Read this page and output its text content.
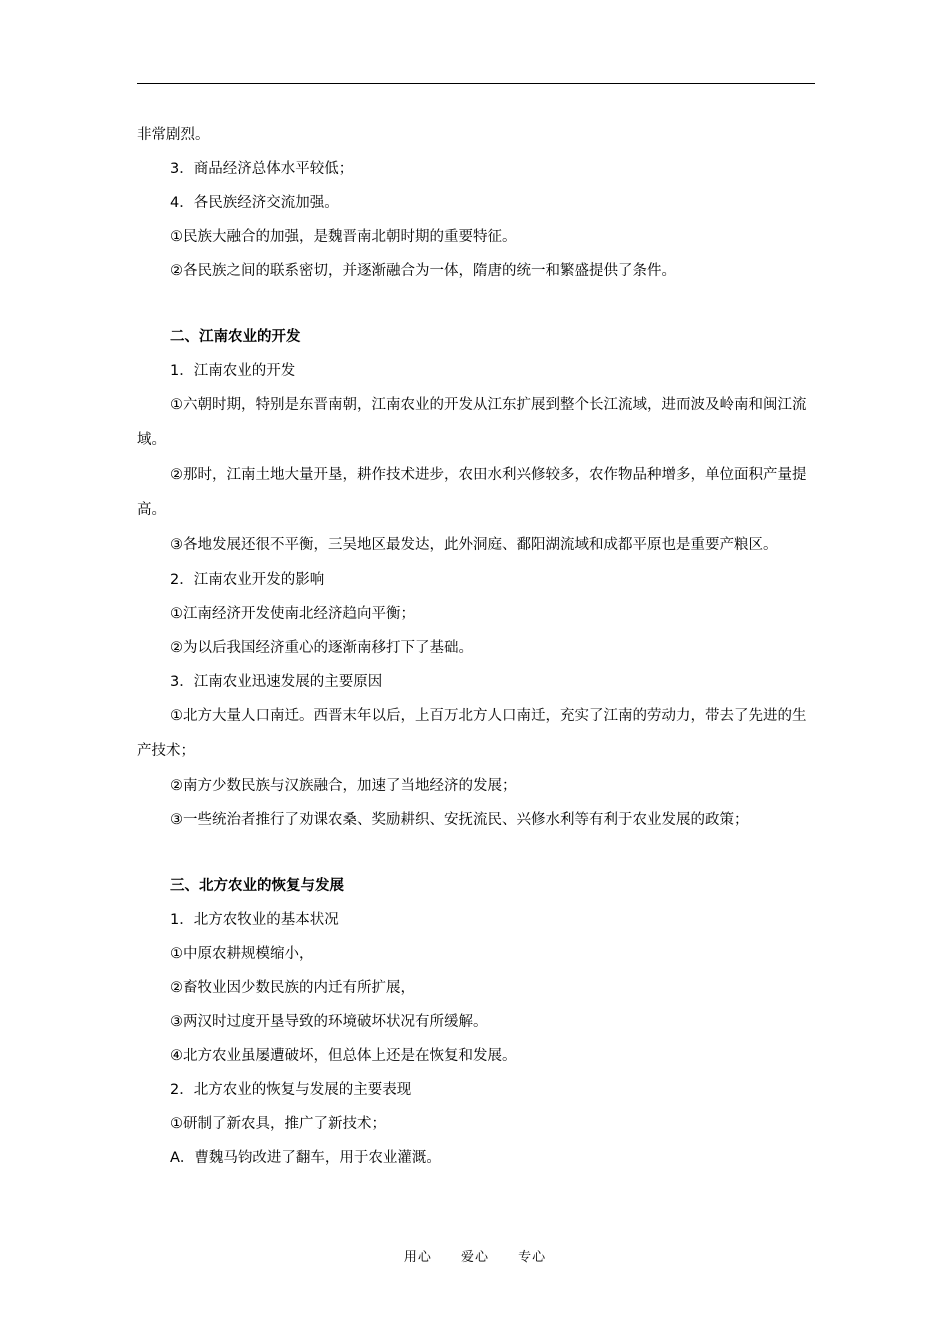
非常剧烈。

3．商品经济总体水平较低；

4．各民族经济交流加强。

①民族大融合的加强，是魏晋南北朝时期的重要特征。

②各民族之间的联系密切，并逐渐融合为一体，隋唐的统一和繁盛提供了条件。

二、江南农业的开发

1．江南农业的开发

①六朝时期，特别是东晋南朝，江南农业的开发从江东扩展到整个长江流域，进而波及岭南和闽江流域。

②那时，江南土地大量开垦，耕作技术进步，农田水利兴修较多，农作物品种增多，单位面积产量提高。

③各地发展还很不平衡，三吴地区最发达，此外洞庭、鄱阳湖流域和成都平原也是重要产粮区。

2．江南农业开发的影响

①江南经济开发使南北经济趋向平衡；

②为以后我国经济重心的逐渐南移打下了基础。

3．江南农业迅速发展的主要原因

①北方大量人口南迁。西晋末年以后，上百万北方人口南迁，充实了江南的劳动力，带去了先进的生产技术；

②南方少数民族与汉族融合，加速了当地经济的发展；

③一些统治者推行了劝课农桑、奖励耕织、安抚流民、兴修水利等有利于农业发展的政策；

三、北方农业的恢复与发展

1．北方农牧业的基本状况

①中原农耕规模缩小，

②畜牧业因少数民族的内迁有所扩展，

③两汉时过度开垦导致的环境破坏状况有所缓解。

④北方农业虽屡遭破坏，但总体上还是在恢复和发展。

2．北方农业的恢复与发展的主要表现

①研制了新农具，推广了新技术；

A．曹魏马钧改进了翻车，用于农业灌溉。

用心 爱心 专心
